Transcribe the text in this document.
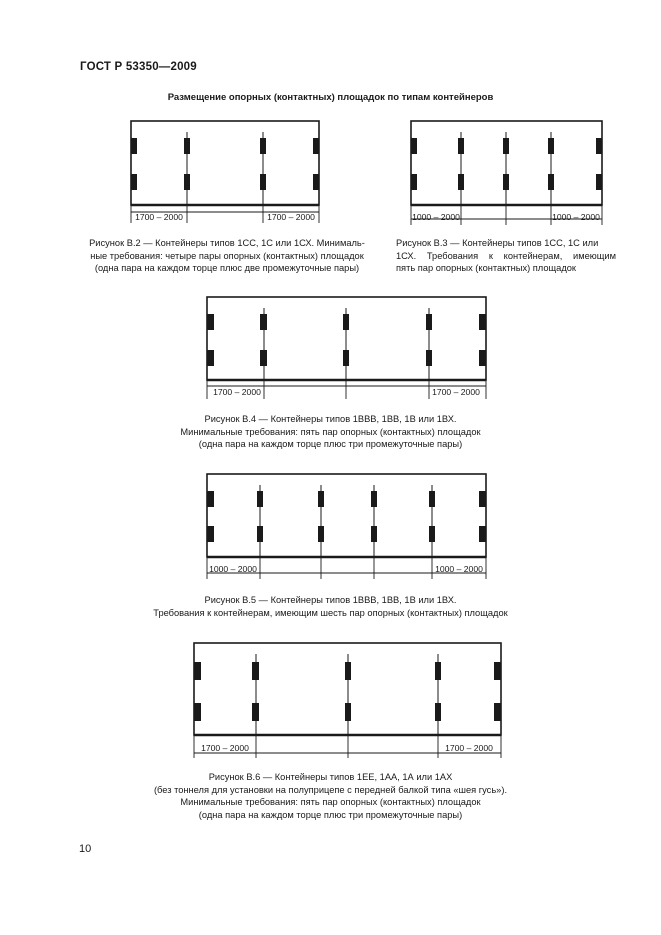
ГОСТ Р 53350—2009
Размещение опорных (контактных) площадок по типам контейнеров
1700 – 2000	1700 – 2000	1000 – 2000	1000 – 2000
1700 – 2000	1700 – 2000
1000 – 2000	1000 – 2000
1700 – 2000	1700 – 2000
Рисунок В.2 — Контейнеры типов 1СС, 1С или 1СХ. Минималь-
ные требования: четыре пары опорных (контактных) площадок
(одна пара на каждом торце плюс две промежуточные пары)
Рисунок В.3 — Контейнеры типов 1СС, 1С или
1СХ. Требования к контейнерам, имеющим
пять пар опорных (контактных) площадок
Рисунок В.4 — Контейнеры типов 1ВВВ, 1ВВ, 1В или 1ВХ.
Минимальные требования: пять пар опорных (контактных) площадок
(одна пара на каждом торце плюс три промежуточные пары)
Рисунок В.5 — Контейнеры типов 1ВВВ, 1ВВ, 1В или 1ВХ.
Требования к контейнерам, имеющим шесть пар опорных (контактных) площадок
Рисунок В.6 — Контейнеры типов 1ЕЕ, 1АА, 1А или 1АХ
(без тоннеля для установки на полуприцепе с передней балкой типа «шея гусь»).
Минимальные требования: пять пар опорных (контактных) площадок
(одна пара на каждом торце плюс три промежуточные пары)
10
